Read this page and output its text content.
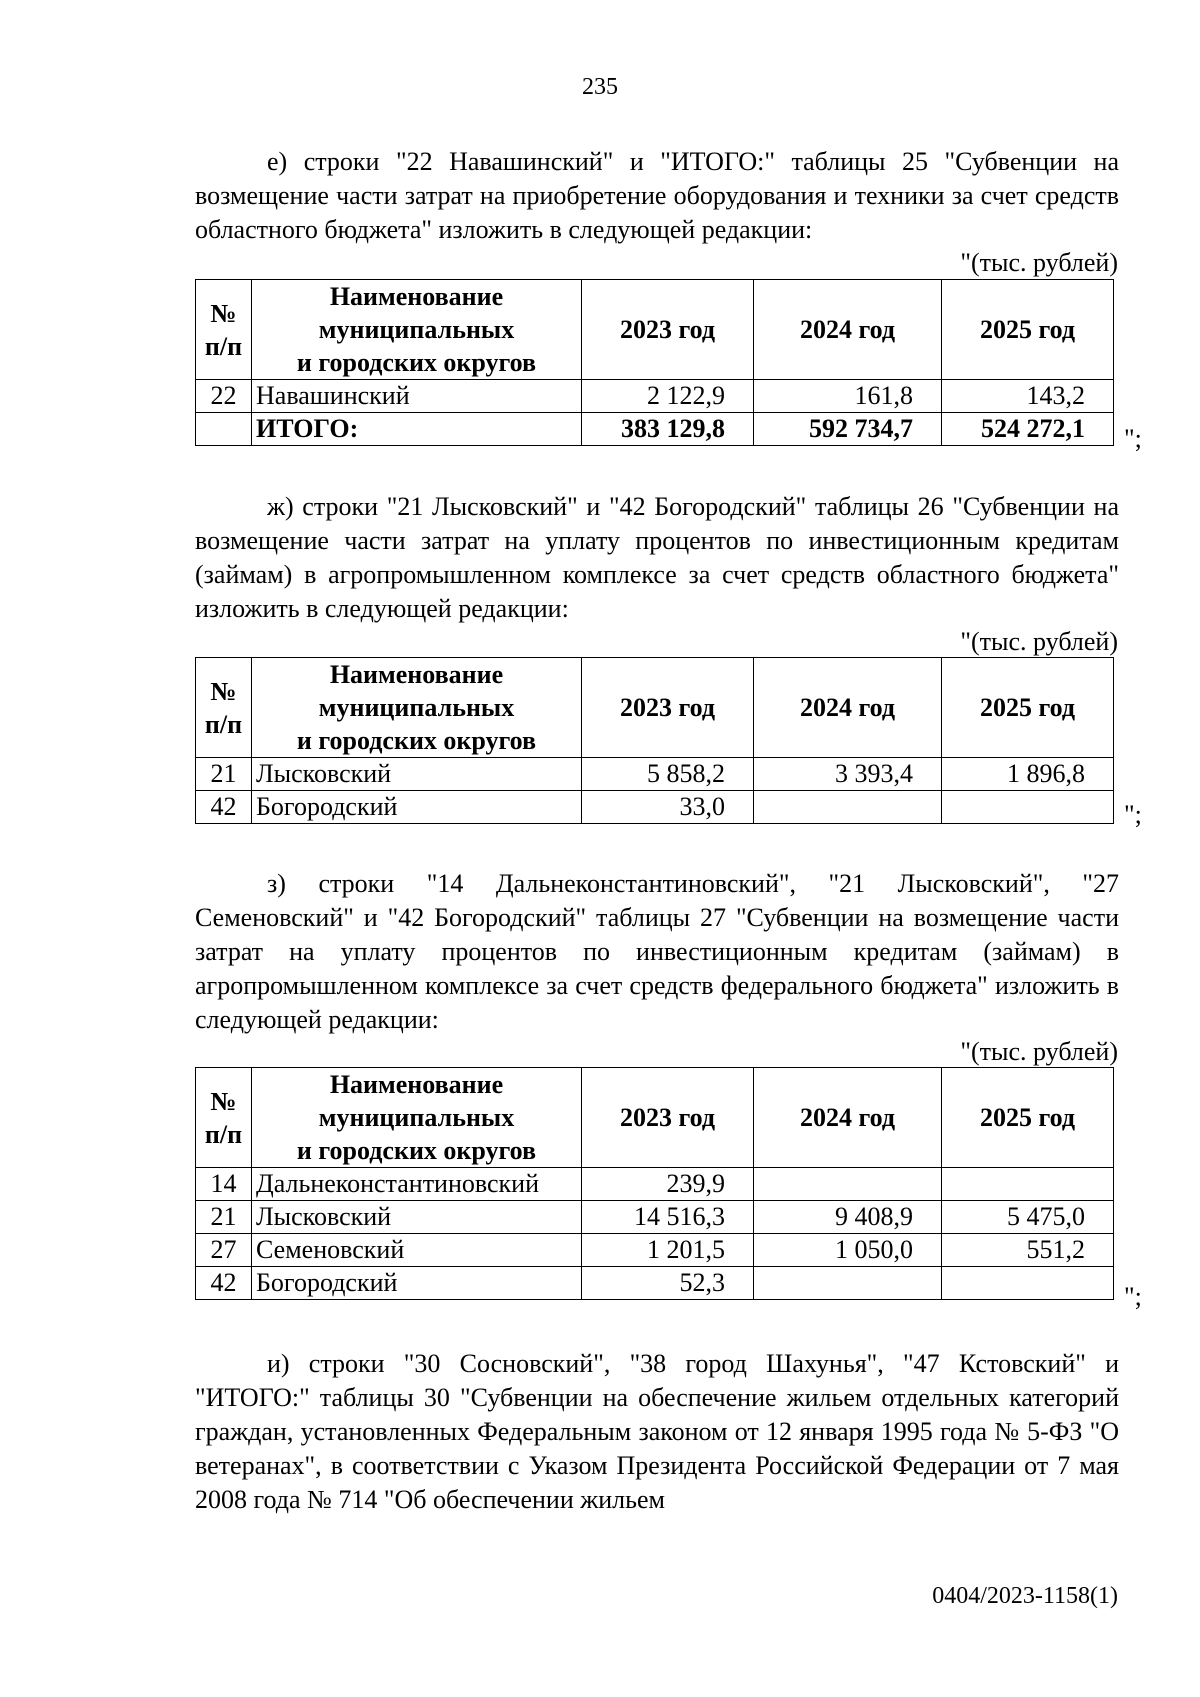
235

е) строки "22 Навашинский" и "ИТОГО:" таблицы 25 "Субвенции на возмещение части затрат на приобретение оборудования и техники за счет средств областного бюджета" изложить в следующей редакции:

"(тыс. рублей)
№
п/п	Наименование
муниципальных
и городских округов	2023 год	2024 год	2025 год
22	Навашинский	2 122,9	161,8	143,2
	ИТОГО:	383 129,8	592 734,7	524 272,1 ";

ж) строки "21 Лысковский" и "42 Богородский" таблицы 26 "Субвенции на возмещение части затрат на уплату процентов по инвестиционным кредитам (займам) в агропромышленном комплексе за счет средств областного бюджета" изложить в следующей редакции:

"(тыс. рублей)
№
п/п	Наименование
муниципальных
и городских округов	2023 год	2024 год	2025 год
21	Лысковский	5 858,2	3 393,4	1 896,8
42	Богородский	33,0			";

з) строки "14 Дальнеконстантиновский", "21 Лысковский", "27 Семеновский" и "42 Богородский" таблицы 27 "Субвенции на возмещение части затрат на уплату процентов по инвестиционным кредитам (займам) в агропромышленном комплексе за счет средств федерального бюджета" изложить в следующей редакции:

"(тыс. рублей)
№
п/п	Наименование
муниципальных
и городских округов	2023 год	2024 год	2025 год
14	Дальнеконстантиновский	239,9		
21	Лысковский	14 516,3	9 408,9	5 475,0
27	Семеновский	1 201,5	1 050,0	551,2
42	Богородский	52,3			";

и) строки "30 Сосновский", "38 город Шахунья", "47 Кстовский" и "ИТОГО:" таблицы 30 "Субвенции на обеспечение жильем отдельных категорий граждан, установленных Федеральным законом от 12 января 1995 года № 5-ФЗ "О ветеранах", в соответствии с Указом Президента Российской Федерации от 7 мая 2008 года № 714 "Об обеспечении жильем

0404/2023-1158(1)
